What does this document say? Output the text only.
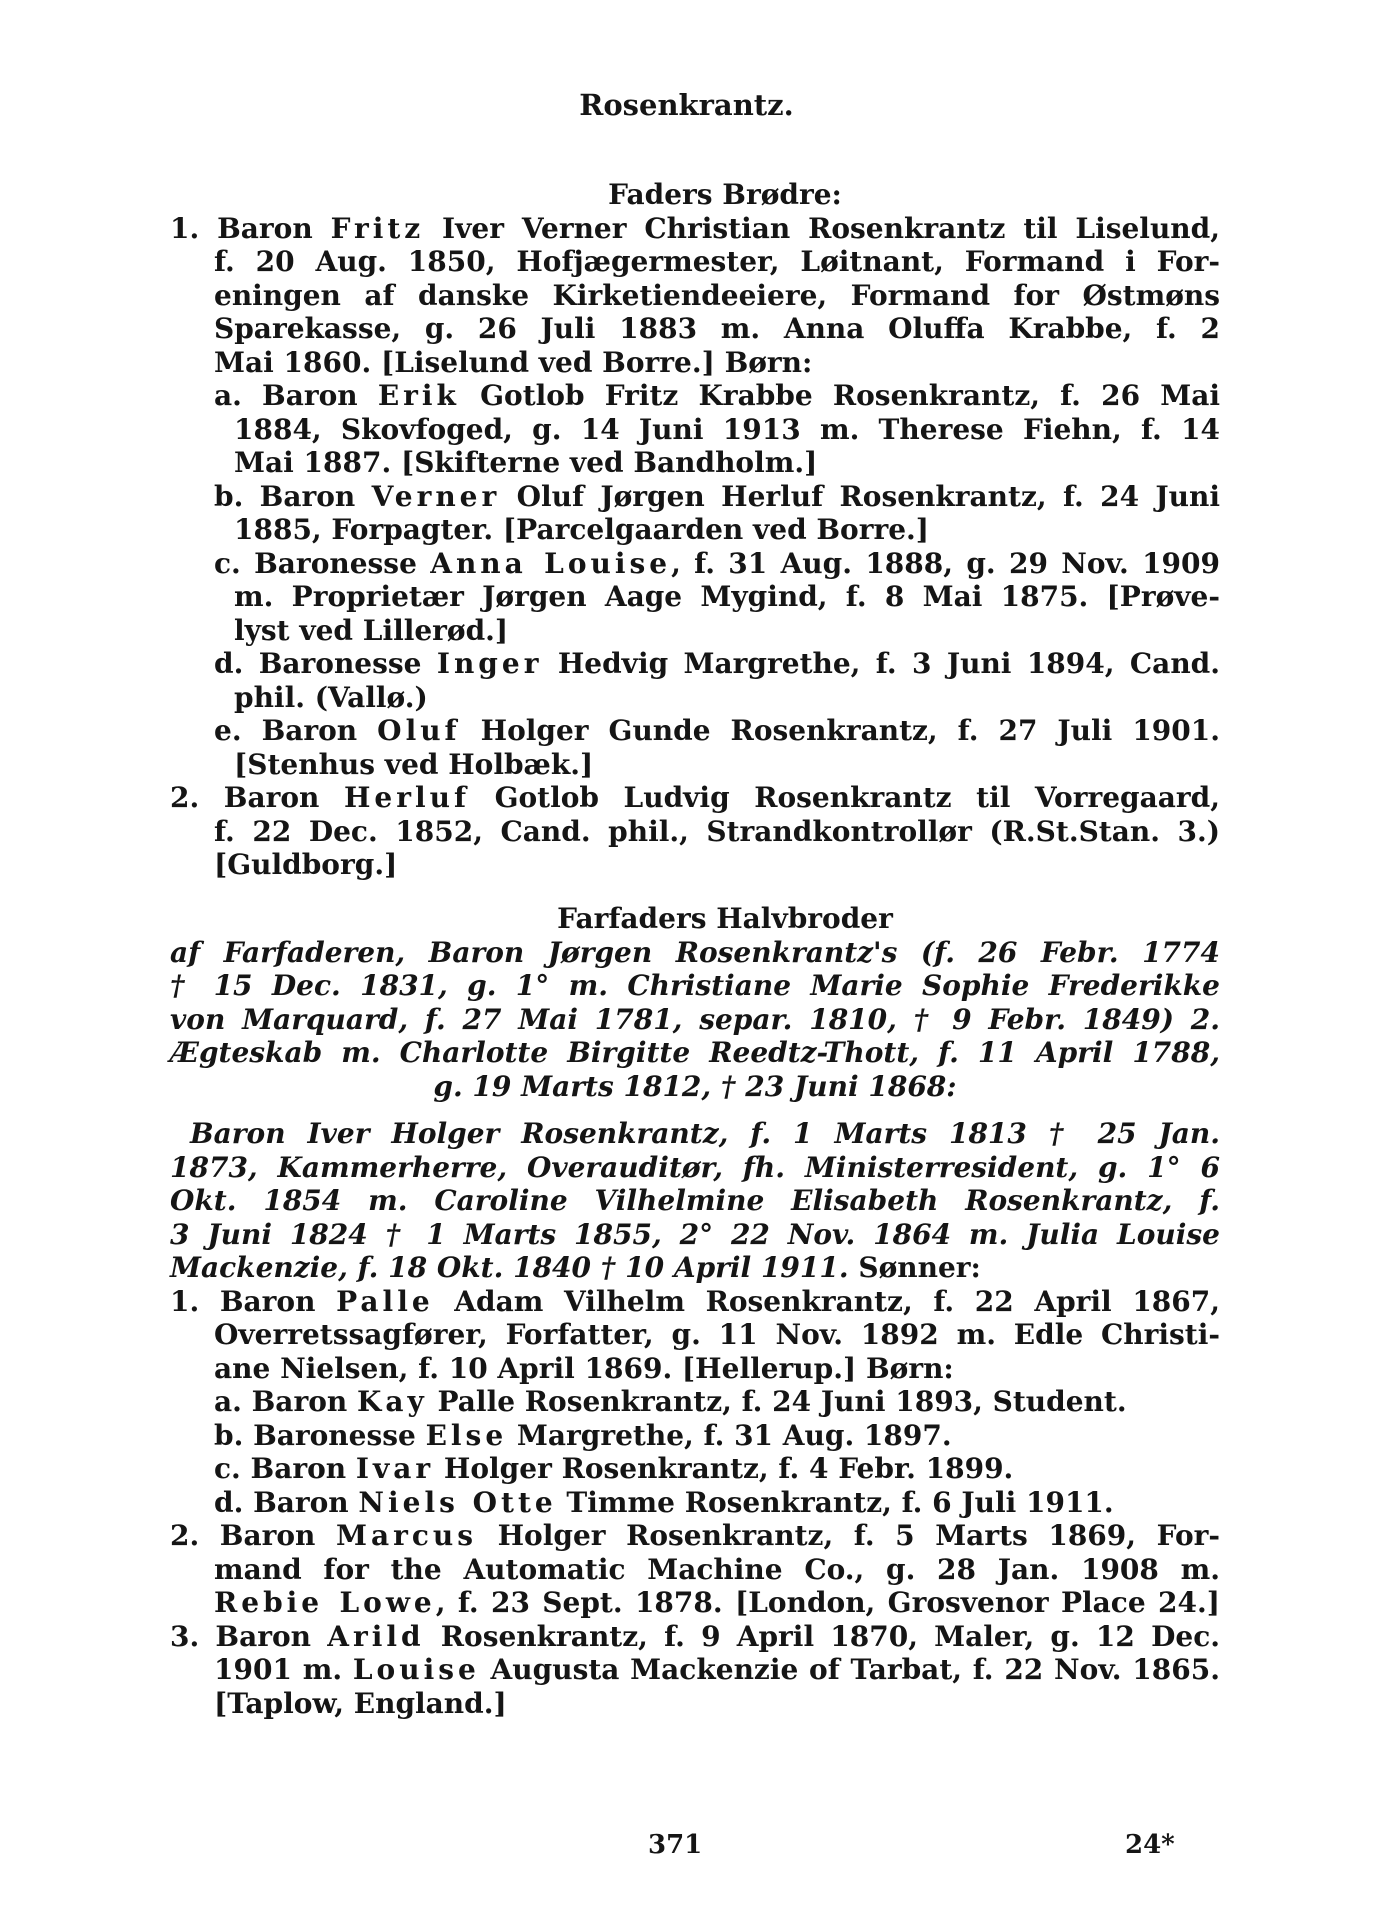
Rosenkrantz.
Faders Brødre:
1. Baron Fritz Iver Verner Christian Rosenkrantz til Liselund,
f. 20 Aug. 1850, Hofjægermester, Løitnant, Formand i For-
eningen af danske Kirketiendeeiere, Formand for Østmøns
Sparekasse, g. 26 Juli 1883 m. Anna Oluffa Krabbe, f. 2
Mai 1860. [Liselund ved Borre.] Børn:
a. Baron Erik Gotlob Fritz Krabbe Rosenkrantz, f. 26 Mai
1884, Skovfoged, g. 14 Juni 1913 m. Therese Fiehn, f. 14
Mai 1887. [Skifterne ved Bandholm.]
b. Baron Verner Oluf Jørgen Herluf Rosenkrantz, f. 24 Juni
1885, Forpagter. [Parcelgaarden ved Borre.]
c. Baronesse Anna Louise, f. 31 Aug. 1888, g. 29 Nov. 1909
m. Proprietær Jørgen Aage Mygind, f. 8 Mai 1875. [Prøve-
lyst ved Lillerød.]
d. Baronesse Inger Hedvig Margrethe, f. 3 Juni 1894, Cand.
phil. (Vallø.)
e. Baron Oluf Holger Gunde Rosenkrantz, f. 27 Juli 1901.
[Stenhus ved Holbæk.]
2. Baron Herluf Gotlob Ludvig Rosenkrantz til Vorregaard,
f. 22 Dec. 1852, Cand. phil., Strandkontrollør (R.St.Stan. 3.)
[Guldborg.]
Farfaders Halvbroder
af Farfaderen, Baron Jørgen Rosenkrantz's (f. 26 Febr. 1774
† 15 Dec. 1831, g. 1° m. Christiane Marie Sophie Frederikke
von Marquard, f. 27 Mai 1781, separ. 1810, † 9 Febr. 1849) 2.
Ægteskab m. Charlotte Birgitte Reedtz-Thott, f. 11 April 1788,
g. 19 Marts 1812, † 23 Juni 1868:
Baron Iver Holger Rosenkrantz, f. 1 Marts 1813 † 25 Jan.
1873, Kammerherre, Overauditør, fh. Ministerresident, g. 1° 6
Okt. 1854 m. Caroline Vilhelmine Elisabeth Rosenkrantz, f.
3 Juni 1824 † 1 Marts 1855, 2° 22 Nov. 1864 m. Julia Louise
Mackenzie, f. 18 Okt. 1840 † 10 April 1911. Sønner:
1. Baron Palle Adam Vilhelm Rosenkrantz, f. 22 April 1867,
Overretssagfører, Forfatter, g. 11 Nov. 1892 m. Edle Christi-
ane Nielsen, f. 10 April 1869. [Hellerup.] Børn:
a. Baron Kay Palle Rosenkrantz, f. 24 Juni 1893, Student.
b. Baronesse Else Margrethe, f. 31 Aug. 1897.
c. Baron Ivar Holger Rosenkrantz, f. 4 Febr. 1899.
d. Baron Niels Otte Timme Rosenkrantz, f. 6 Juli 1911.
2. Baron Marcus Holger Rosenkrantz, f. 5 Marts 1869, For-
mand for the Automatic Machine Co., g. 28 Jan. 1908 m.
Rebie Lowe, f. 23 Sept. 1878. [London, Grosvenor Place 24.]
3. Baron Arild Rosenkrantz, f. 9 April 1870, Maler, g. 12 Dec.
1901 m. Louise Augusta Mackenzie of Tarbat, f. 22 Nov. 1865.
[Taplow, England.]
371	24*
